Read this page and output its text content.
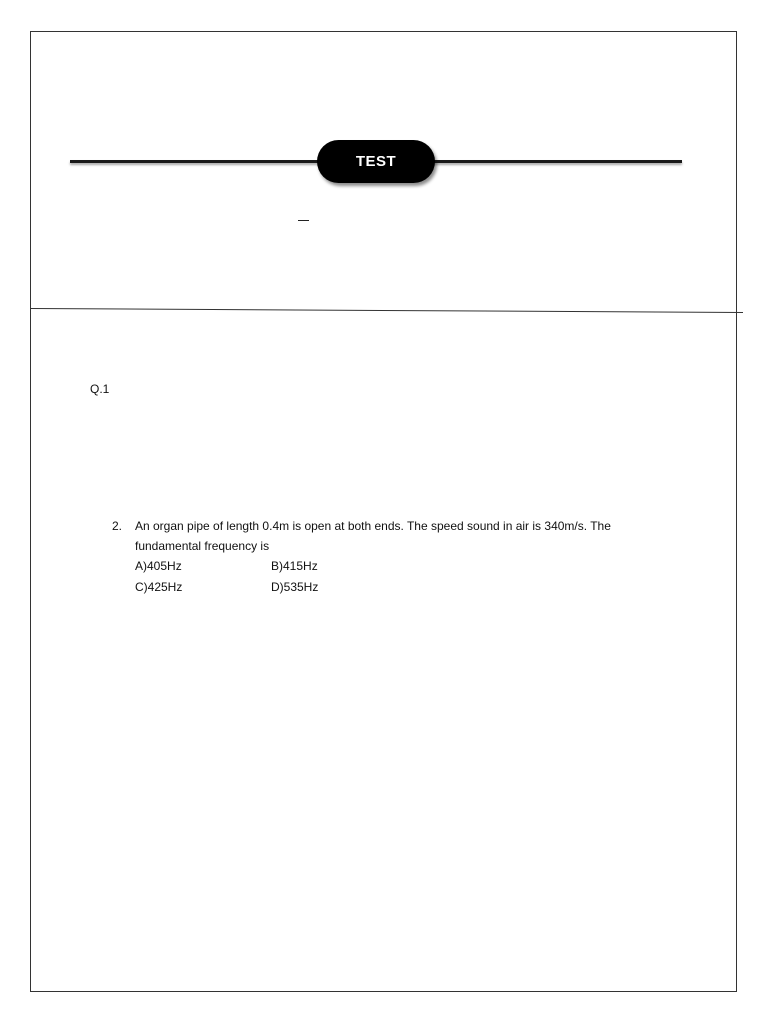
TEST
Q.1
2. An organ pipe of length 0.4m is open at both ends. The speed sound in air is 340m/s. The
fundamental frequency is
A)405Hz	B)415Hz
C)425Hz	D)535Hz
